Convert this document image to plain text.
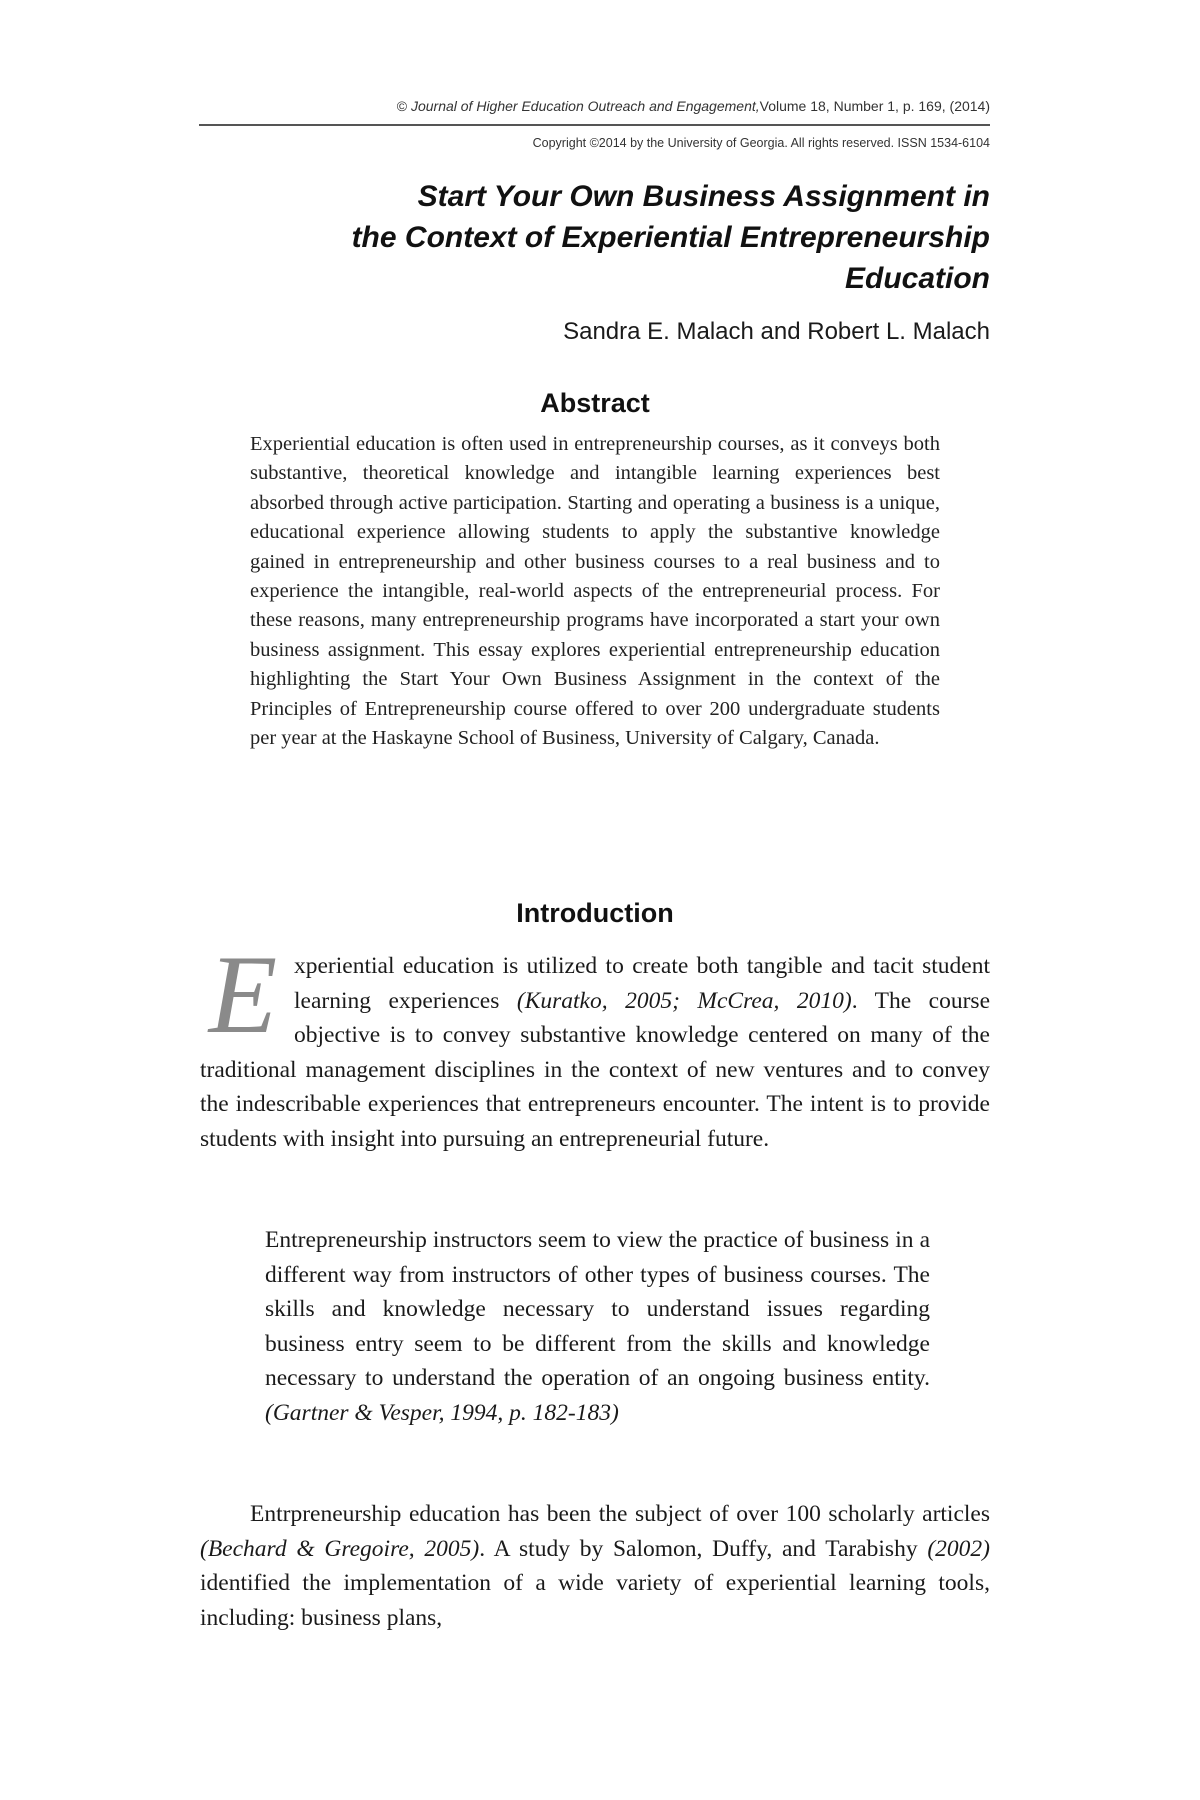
© Journal of Higher Education Outreach and Engagement,Volume 18, Number 1, p. 169, (2014)
Copyright ©2014 by the University of Georgia. All rights reserved. ISSN 1534-6104
Start Your Own Business Assignment in
the Context of Experiential Entrepreneurship
Education
Sandra E. Malach and Robert L. Malach
Abstract

Experiential education is often used in entrepreneurship courses, as it conveys both substantive, theoretical knowledge and intangible learning experiences best absorbed through active participation. Starting and operating a business is a unique, educational experience allowing students to apply the substantive knowledge gained in entrepreneurship and other business courses to a real business and to experience the intangible, real-world aspects of the entrepreneurial process. For these reasons, many entrepreneurship programs have incorporated a start your own business assignment. This essay explores experiential entrepreneurship education highlighting the Start Your Own Business Assignment in the context of the Principles of Entrepreneurship course offered to over 200 undergraduate students per year at the Haskayne School of Business, University of Calgary, Canada.

Introduction

Experiential education is utilized to create both tangible and tacit student learning experiences (Kuratko, 2005; McCrea, 2010). The course objective is to convey substantive knowledge centered on many of the traditional management disciplines in the context of new ventures and to convey the indescribable experiences that entrepreneurs encounter. The intent is to provide students with insight into pursuing an entrepreneurial future.

Entrepreneurship instructors seem to view the practice of business in a different way from instructors of other types of business courses. The skills and knowledge necessary to understand issues regarding business entry seem to be different from the skills and knowledge necessary to understand the operation of an ongoing business entity. (Gartner & Vesper, 1994, p. 182-183)

Entrpreneurship education has been the subject of over 100 scholarly articles (Bechard & Gregoire, 2005). A study by Salomon, Duffy, and Tarabishy (2002) identified the implementation of a wide variety of experiential learning tools, including: business plans,
